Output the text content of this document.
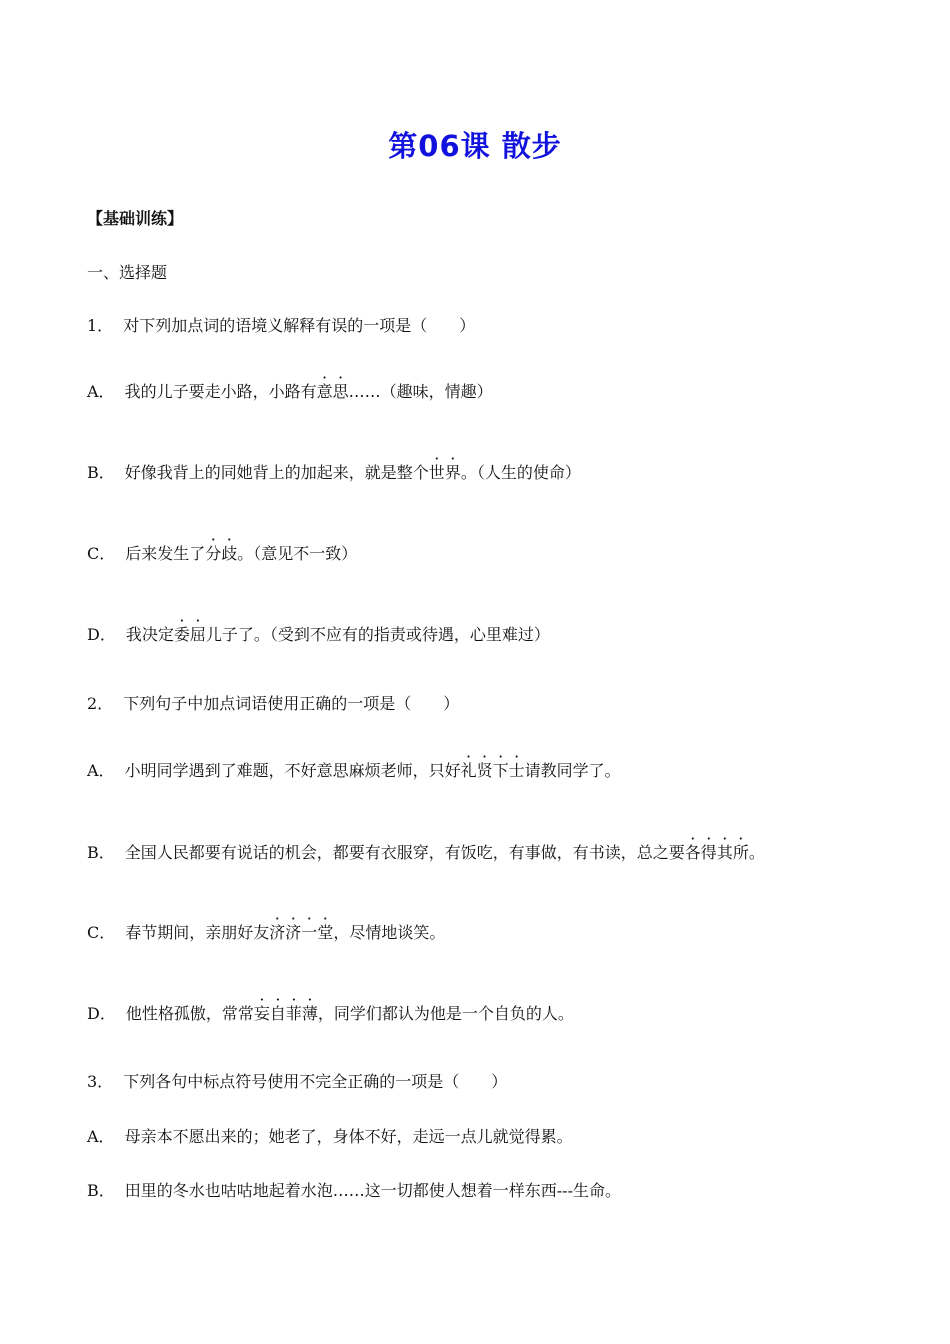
第06课 散步
【基础训练】
一、选择题
1． 对下列加点词的语境义解释有误的一项是（　　）
A． 我的儿子要走小路，小路有意思……（趣味，情趣）
B． 好像我背上的同她背上的加起来，就是整个世界。（人生的使命）
C． 后来发生了分歧。（意见不一致）
D． 我决定委屈儿子了。（受到不应有的指责或待遇，心里难过）
2． 下列句子中加点词语使用正确的一项是（　　）
A． 小明同学遇到了难题，不好意思麻烦老师，只好礼贤下士请教同学了。
B． 全国人民都要有说话的机会，都要有衣服穿，有饭吃，有事做，有书读，总之要各得其所。
C． 春节期间，亲朋好友济济一堂，尽情地谈笑。
D． 他性格孤傲，常常妄自菲薄，同学们都认为他是一个自负的人。
3． 下列各句中标点符号使用不完全正确的一项是（　　）
A． 母亲本不愿出来的；她老了，身体不好，走远一点儿就觉得累。
B． 田里的冬水也咕咕地起着水泡……这一切都使人想着一样东西---生命。
